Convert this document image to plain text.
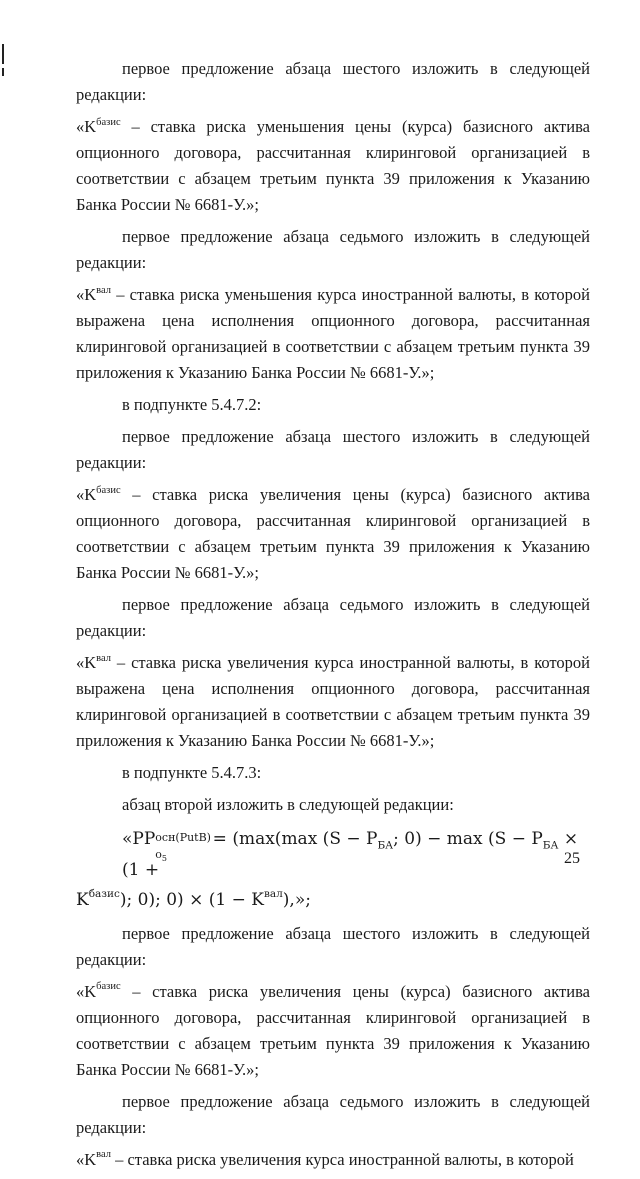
первое предложение абзаца шестого изложить в следующей редакции:

«$K^{базис}$ – ставка риска уменьшения цены (курса) базисного актива опционного договора, рассчитанная клиринговой организацией в соответствии с абзацем третьим пункта 39 приложения к Указанию Банка России № 6681-У.»;

первое предложение абзаца седьмого изложить в следующей редакции:

«$K^{вал}$ – ставка риска уменьшения курса иностранной валюты, в которой выражена цена исполнения опционного договора, рассчитанная клиринговой организацией в соответствии с абзацем третьим пункта 39 приложения к Указанию Банка России № 6681-У.»;

в подпункте 5.4.7.2:

первое предложение абзаца шестого изложить в следующей редакции:

«$K^{базис}$ – ставка риска увеличения цены (курса) базисного актива опционного договора, рассчитанная клиринговой организацией в соответствии с абзацем третьим пункта 39 приложения к Указанию Банка России № 6681-У.»;

первое предложение абзаца седьмого изложить в следующей редакции:

«$K^{вал}$ – ставка риска увеличения курса иностранной валюты, в которой выражена цена исполнения опционного договора, рассчитанная клиринговой организацией в соответствии с абзацем третьим пункта 39 приложения к Указанию Банка России № 6681-У.»;

в подпункте 5.4.7.3:

абзац второй изложить в следующей редакции:

«PP осн(PutB)
$o_5$
= (max(max ($S - P_{БА}$; $0) - \max (S - P_{БА} \times (1$ +
$K^{базис}$); 0); $0) \times (1 - K^{вал})$,»;

первое предложение абзаца шестого изложить в следующей редакции:

«$K^{базис}$ – ставка риска увеличения цены (курса) базисного актива опционного договора, рассчитанная клиринговой организацией в соответствии с абзацем третьим пункта 39 приложения к Указанию Банка России № 6681-У.»;

первое предложение абзаца седьмого изложить в следующей редакции:

«$K^{вал}$ – ставка риска увеличения курса иностранной валюты, в которой

25
